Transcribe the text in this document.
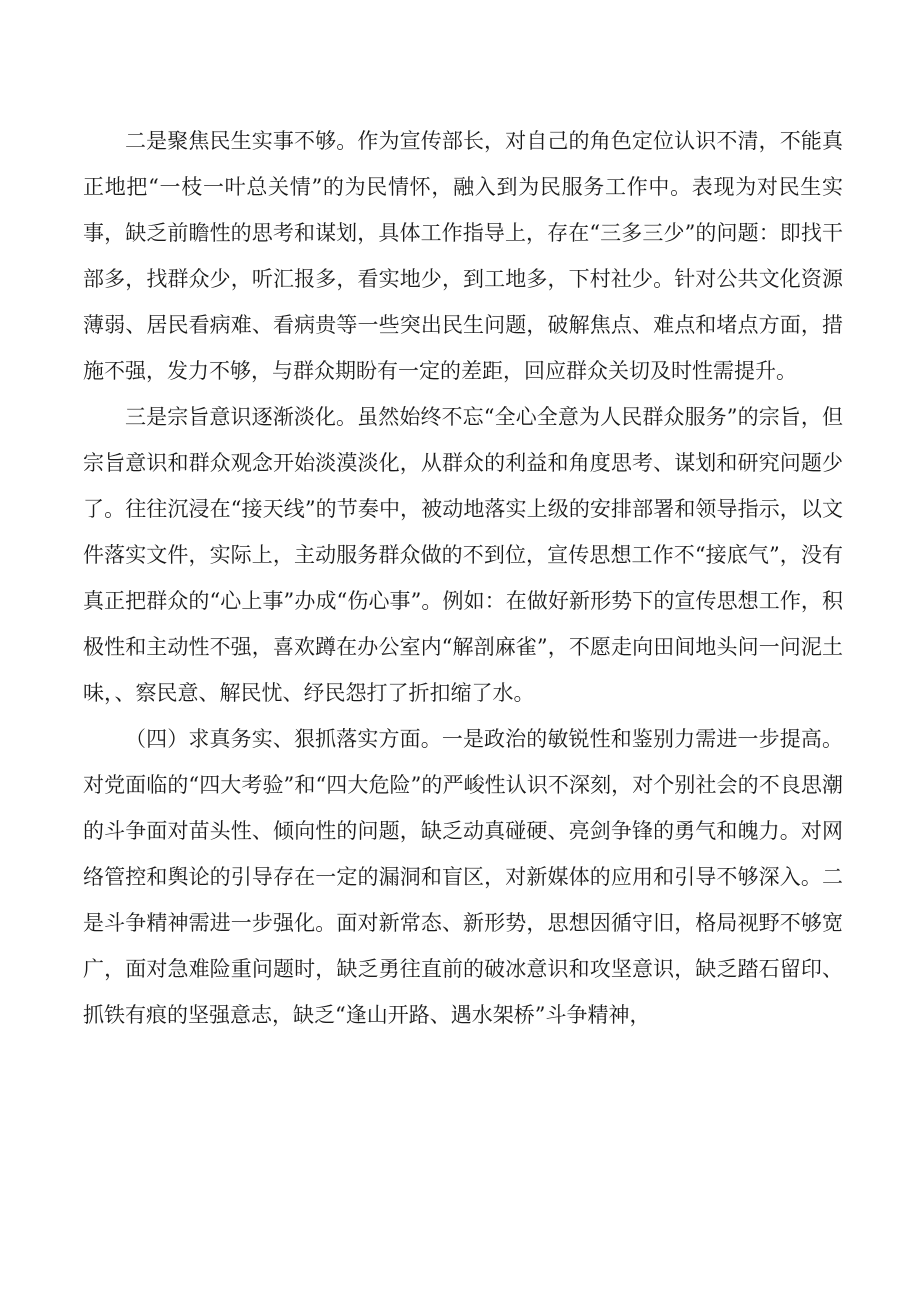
二是聚焦民生实事不够。作为宣传部长，对自己的角色定位认识不清，不能真正地把“一枝一叶总关情”的为民情怀，融入到为民服务工作中。表现为对民生实事，缺乏前瞻性的思考和谋划，具体工作指导上，存在“三多三少”的问题：即找干部多，找群众少，听汇报多，看实地少，到工地多，下村社少。针对公共文化资源薄弱、居民看病难、看病贵等一些突出民生问题，破解焦点、难点和堵点方面，措施不强，发力不够，与群众期盼有一定的差距，回应群众关切及时性需提升。

三是宗旨意识逐渐淡化。虽然始终不忘“全心全意为人民群众服务”的宗旨，但宗旨意识和群众观念开始淡漠淡化，从群众的利益和角度思考、谋划和研究问题少了。往往沉浸在“接天线”的节奏中，被动地落实上级的安排部署和领导指示，以文件落实文件，实际上，主动服务群众做的不到位，宣传思想工作不“接底气”，没有真正把群众的“心上事”办成“伤心事”。例如：在做好新形势下的宣传思想工作，积极性和主动性不强，喜欢蹲在办公室内“解剖麻雀”，不愿走向田间地头问一问泥土味，、察民意、解民忧、纾民怨打了折扣缩了水。

（四）求真务实、狠抓落实方面。一是政治的敏锐性和鉴别力需进一步提高。对党面临的“四大考验”和“四大危险”的严峻性认识不深刻，对个别社会的不良思潮的斗争面对苗头性、倾向性的问题，缺乏动真碰硬、亮剑争锋的勇气和魄力。对网络管控和舆论的引导存在一定的漏洞和盲区，对新媒体的应用和引导不够深入。二是斗争精神需进一步强化。面对新常态、新形势，思想因循守旧，格局视野不够宽广，面对急难险重问题时，缺乏勇往直前的破冰意识和攻坚意识，缺乏踏石留印、抓铁有痕的坚强意志，缺乏“逢山开路、遇水架桥”斗争精神，
